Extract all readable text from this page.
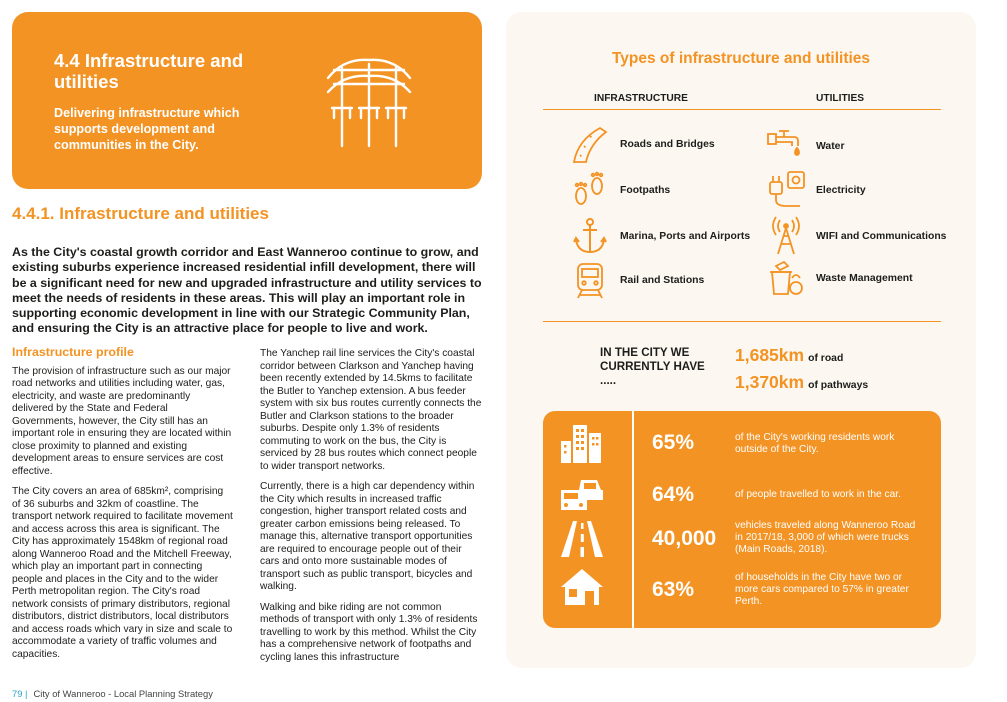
4.4 Infrastructure and utilities
Delivering infrastructure which supports development and communities in the City.
4.4.1. Infrastructure and utilities
As the City's coastal growth corridor and East Wanneroo continue to grow, and existing suburbs experience increased residential infill development, there will be a significant need for new and upgraded infrastructure and utility services to meet the needs of residents in these areas. This will play an important role in supporting economic development in line with our Strategic Community Plan, and ensuring the City is an attractive place for people to live and work.
Infrastructure profile

The provision of infrastructure such as our major road networks and utilities including water, gas, electricity, and waste are predominantly delivered by the State and Federal Governments, however, the City still has an important role in ensuring they are located within close proximity to planned and existing development areas to ensure services are cost effective.

The City covers an area of 685km², comprising of 36 suburbs and 32km of coastline. The transport network required to facilitate movement and access across this area is significant. The City has approximately 1548km of regional road along Wanneroo Road and the Mitchell Freeway, which play an important part in connecting people and places in the City and to the wider Perth metropolitan region. The City's road network consists of primary distributors, regional distributors, district distributors, local distributors and access roads which vary in size and scale to accommodate a variety of traffic volumes and capacities.

The Yanchep rail line services the City's coastal corridor between Clarkson and Yanchep having been recently extended by 14.5kms to facilitate the Butler to Yanchep extension. A bus feeder system with six bus routes currently connects the Butler and Clarkson stations to the broader suburbs. Despite only 1.3% of residents commuting to work on the bus, the City is serviced by 28 bus routes which connect people to wider transport networks.

Currently, there is a high car dependency within the City which results in increased traffic congestion, higher transport related costs and greater carbon emissions being released. To manage this, alternative transport opportunities are required to encourage people out of their cars and onto more sustainable modes of transport such as public transport, bicycles and walking.

Walking and bike riding are not common methods of transport with only 1.3% of residents travelling to work by this method. Whilst the City has a comprehensive network of footpaths and cycling lanes this infrastructure

79 | City of Wanneroo - Local Planning Strategy
Types of infrastructure and utilities
INFRASTRUCTURE	UTILITIES
Roads and Bridges
Footpaths
Marina, Ports and Airports
Rail and Stations
Water
Electricity
WIFI and Communications
Waste Management
IN THE CITY WE CURRENTLY HAVE .....
1,685km of road
1,370km of pathways
65%	of the City's working residents work outside of the City.
64%	of people travelled to work in the car.
40,000
vehicles traveled along Wanneroo Road in 2017/18, 3,000 of which were trucks (Main Roads, 2018).
63%
of households in the City have two or more cars compared to 57% in greater Perth.
